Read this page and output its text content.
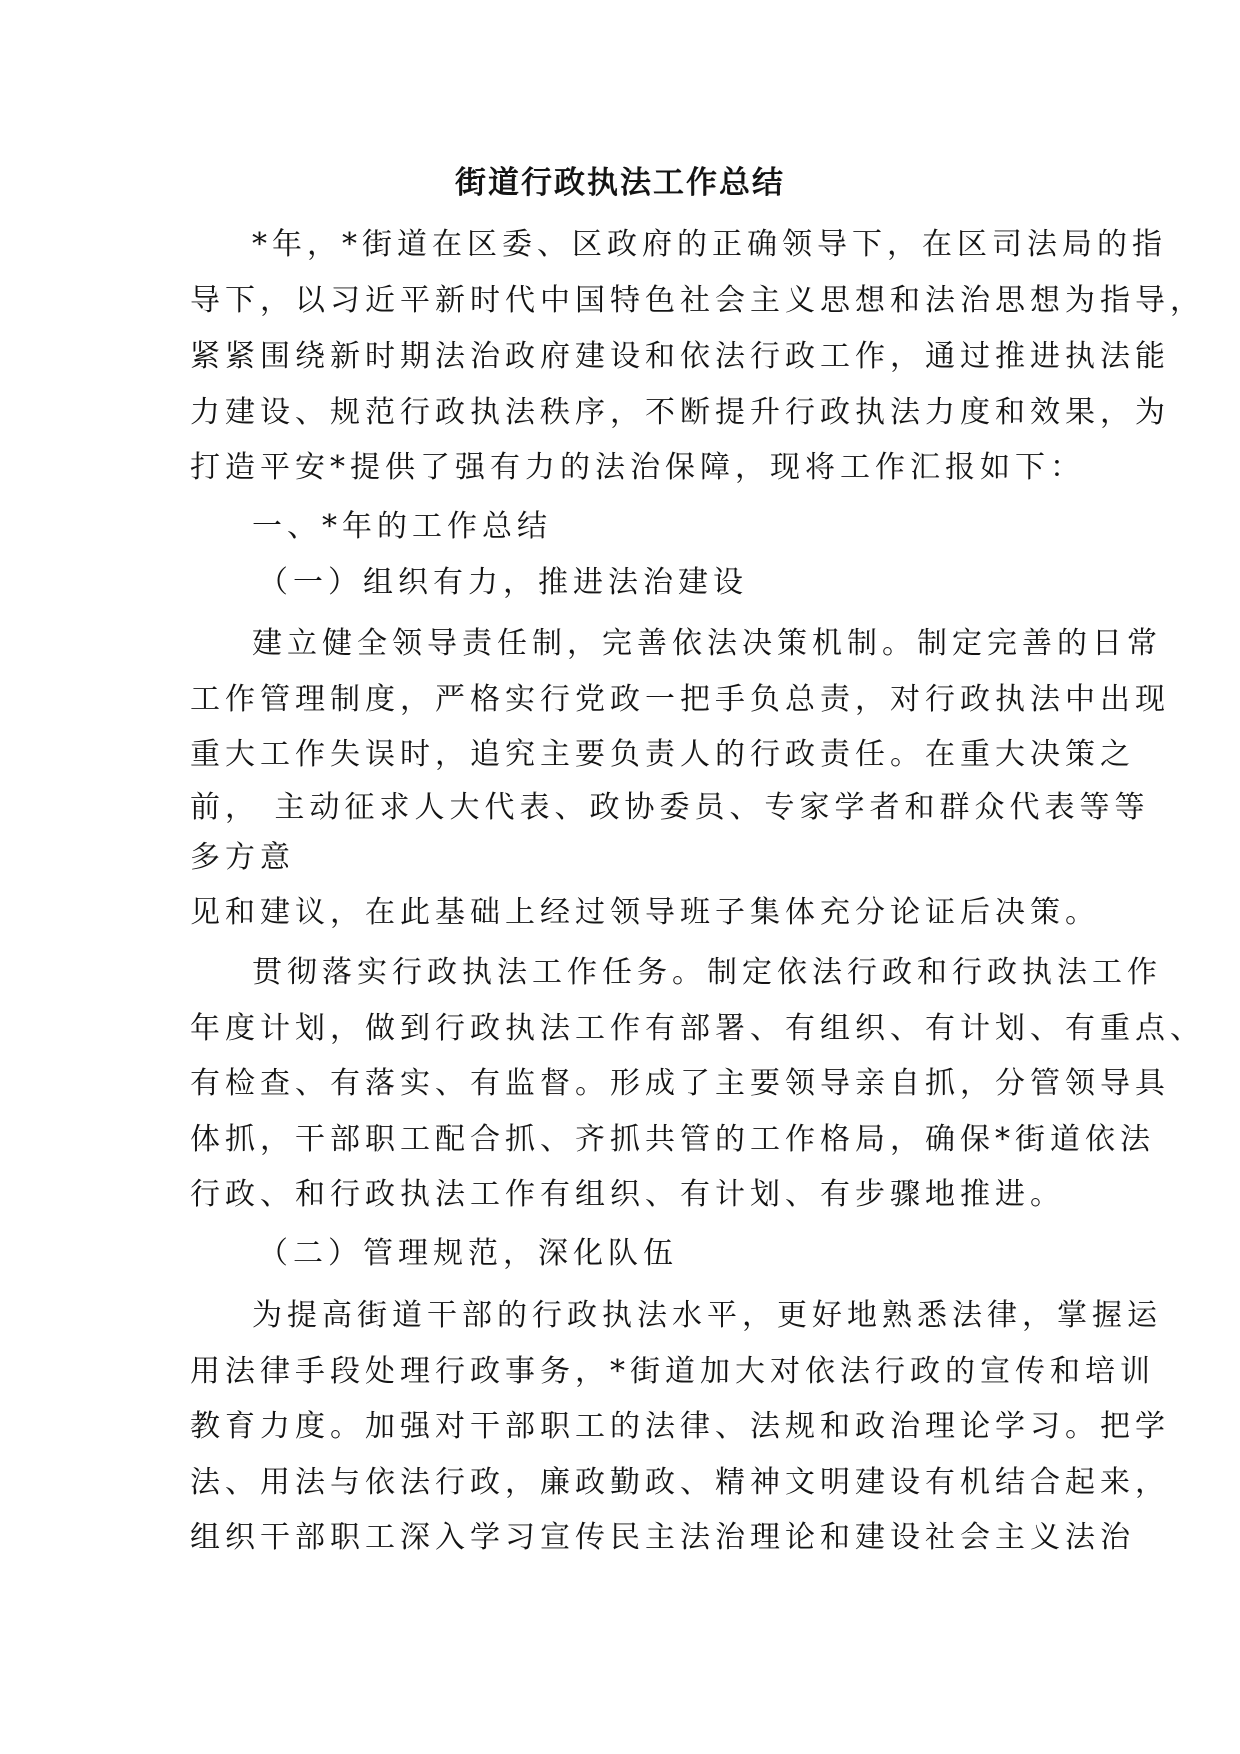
街道行政执法工作总结
*年，*街道在区委、区政府的正确领导下，在区司法局的指
导下，以习近平新时代中国特色社会主义思想和法治思想为指导，
紧紧围绕新时期法治政府建设和依法行政工作，通过推进执法能
力建设、规范行政执法秩序，不断提升行政执法力度和效果，为
打造平安*提供了强有力的法治保障，现将工作汇报如下：
一、*年的工作总结
（一）组织有力，推进法治建设
建立健全领导责任制，完善依法决策机制。制定完善的日常
工作管理制度，严格实行党政一把手负总责，对行政执法中出现
重大工作失误时，追究主要负责人的行政责任。在重大决策之
前， 主动征求人大代表、政协委员、专家学者和群众代表等等
多方意
见和建议，在此基础上经过领导班子集体充分论证后决策。
贯彻落实行政执法工作任务。制定依法行政和行政执法工作
年度计划，做到行政执法工作有部署、有组织、有计划、有重点、
有检查、有落实、有监督。形成了主要领导亲自抓，分管领导具
体抓，干部职工配合抓、齐抓共管的工作格局，确保*街道依法
行政、和行政执法工作有组织、有计划、有步骤地推进。
（二）管理规范，深化队伍
为提高街道干部的行政执法水平，更好地熟悉法律，掌握运
用法律手段处理行政事务，*街道加大对依法行政的宣传和培训
教育力度。加强对干部职工的法律、法规和政治理论学习。把学
法、用法与依法行政，廉政勤政、精神文明建设有机结合起来，
组织干部职工深入学习宣传民主法治理论和建设社会主义法治
